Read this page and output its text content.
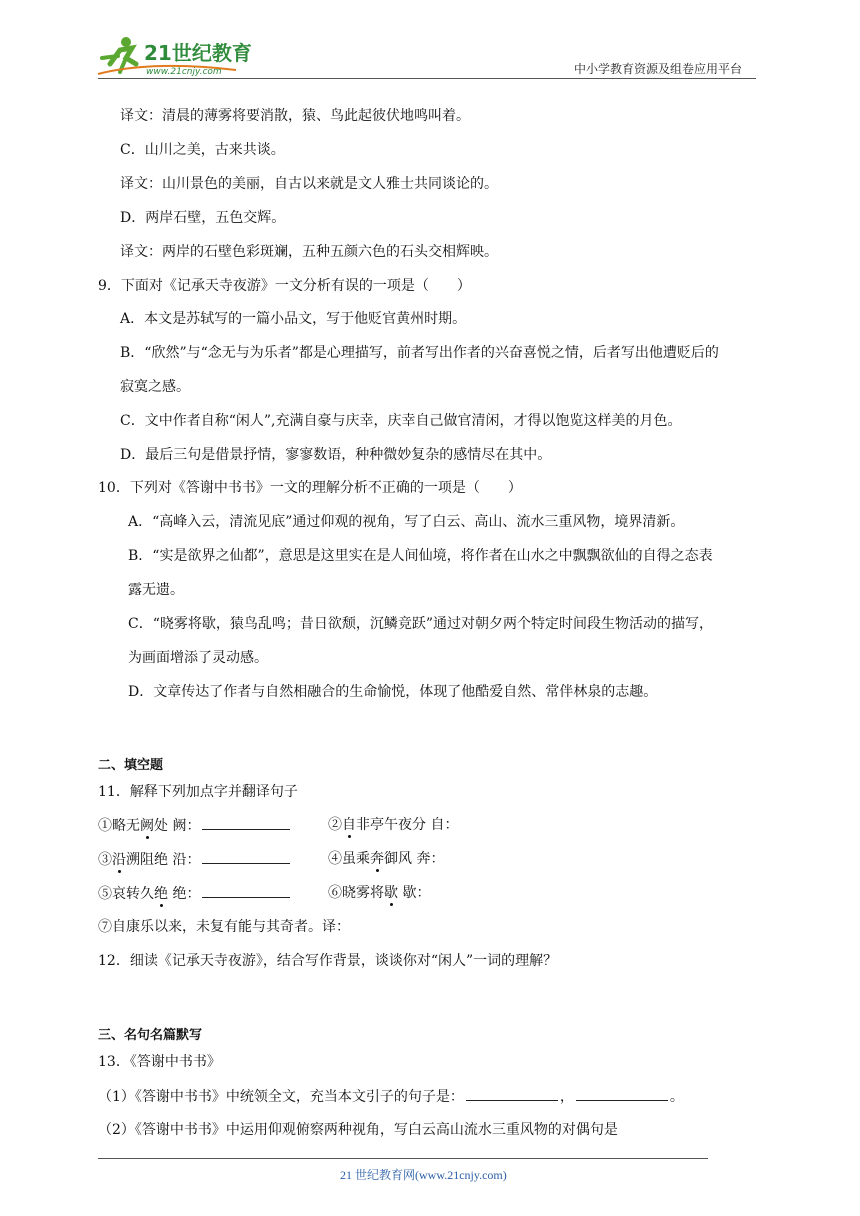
21世纪教育
www.21cnjy.com	中小学教育资源及组卷应用平台
译文：清晨的薄雾将要消散，猿、鸟此起彼伏地鸣叫着。
C．山川之美，古来共谈。
译文：山川景色的美丽，自古以来就是文人雅士共同谈论的。
D．两岸石壁，五色交辉。
译文：两岸的石壁色彩斑斓，五种五颜六色的石头交相辉映。
9．下面对《记承天寺夜游》一文分析有误的一项是（　　）
A．本文是苏轼写的一篇小品文，写于他贬官黄州时期。
B．“欣然”与“念无与为乐者”都是心理描写，前者写出作者的兴奋喜悦之情，后者写出他遭贬后的
寂寞之感。
C．文中作者自称“闲人”,充满自豪与庆幸，庆幸自己做官清闲，才得以饱览这样美的月色。
D．最后三句是借景抒情，寥寥数语，种种微妙复杂的感情尽在其中。
10．下列对《答谢中书书》一文的理解分析不正确的一项是（　　）
A．“高峰入云，清流见底”通过仰观的视角，写了白云、高山、流水三重风物，境界清新。
B．“实是欲界之仙都”，意思是这里实在是人间仙境，将作者在山水之中飘飘欲仙的自得之态表
露无遗。
C．“晓雾将歇，猿鸟乱鸣；昔日欲颓，沉鳞竞跃”通过对朝夕两个特定时间段生物活动的描写，
为画面增添了灵动感。
D．文章传达了作者与自然相融合的生命愉悦，体现了他酷爱自然、常伴林泉的志趣。
二、填空题
11．解释下列加点字并翻译句子
①略无阙处 阙：	②自非亭午夜分 自：
③沿溯阻绝 沿：	④虽乘奔御风 奔：
⑤哀转久绝 绝：	⑥晓雾将歇 歇：
⑦自康乐以来，未复有能与其奇者。译：
12．细读《记承天寺夜游》，结合写作背景，谈谈你对“闲人”一词的理解？
三、名句名篇默写
13．《答谢中书书》
（1）《答谢中书书》中统领全文，充当本文引子的句子是：	，	。
（2）《答谢中书书》中运用仰观俯察两种视角，写白云高山流水三重风物的对偶句是
21 世纪教育网(www.21cnjy.com)
